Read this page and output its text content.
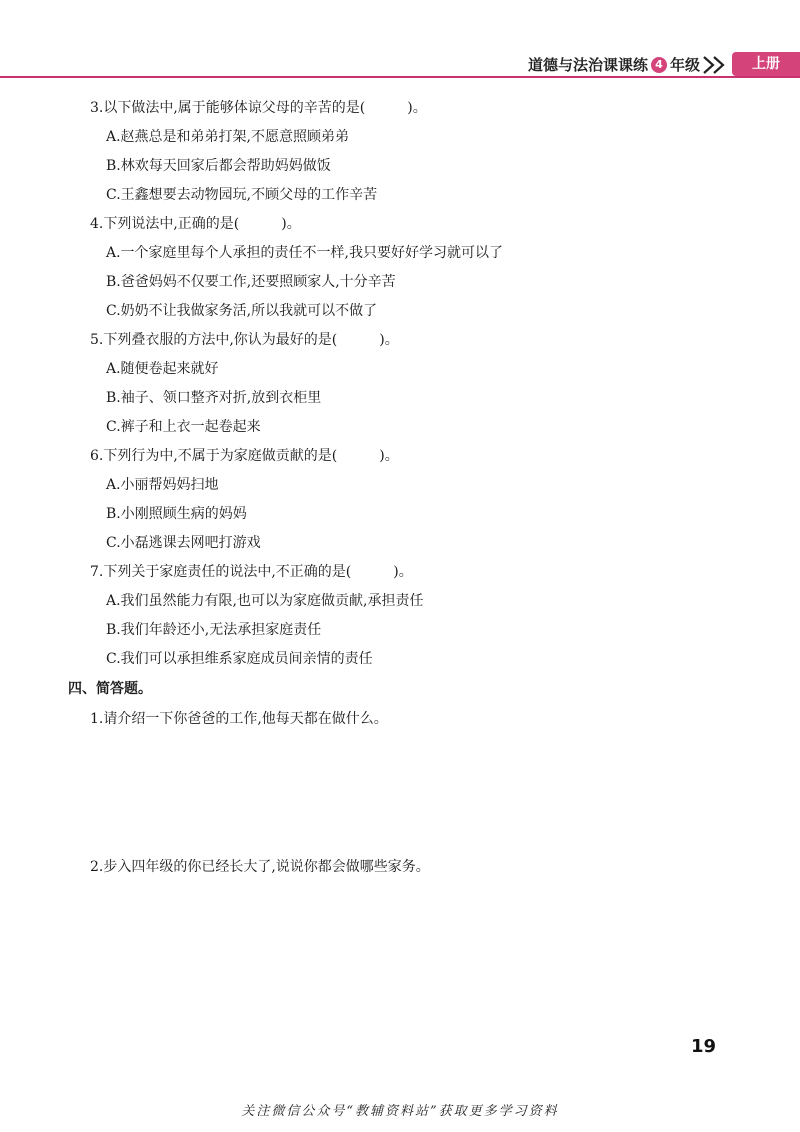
道德与法治课课练 4 年级	上册
3.以下做法中,属于能够体谅父母的辛苦的是(　　　)。
A.赵燕总是和弟弟打架,不愿意照顾弟弟
B.林欢每天回家后都会帮助妈妈做饭
C.王鑫想要去动物园玩,不顾父母的工作辛苦
4.下列说法中,正确的是(　　　)。
A.一个家庭里每个人承担的责任不一样,我只要好好学习就可以了
B.爸爸妈妈不仅要工作,还要照顾家人,十分辛苦
C.奶奶不让我做家务活,所以我就可以不做了
5.下列叠衣服的方法中,你认为最好的是(　　　)。
A.随便卷起来就好
B.袖子、领口整齐对折,放到衣柜里
C.裤子和上衣一起卷起来
6.下列行为中,不属于为家庭做贡献的是(　　　)。
A.小丽帮妈妈扫地
B.小刚照顾生病的妈妈
C.小磊逃课去网吧打游戏
7.下列关于家庭责任的说法中,不正确的是(　　　)。
A.我们虽然能力有限,也可以为家庭做贡献,承担责任
B.我们年龄还小,无法承担家庭责任
C.我们可以承担维系家庭成员间亲情的责任
四、简答题。
1.请介绍一下你爸爸的工作,他每天都在做什么。
2.步入四年级的你已经长大了,说说你都会做哪些家务。
19
关注微信公众号“教辅资料站”获取更多学习资料
